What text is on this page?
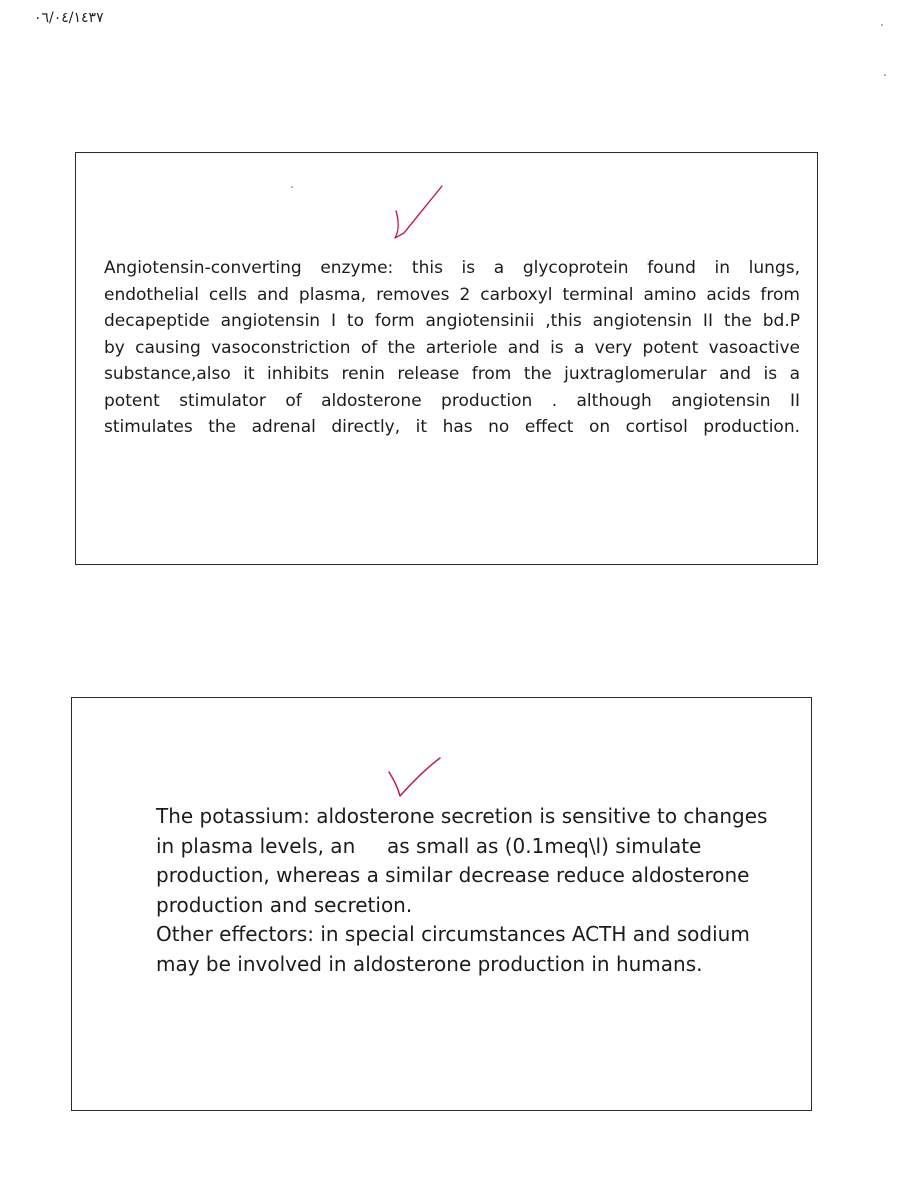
٠٦/٠٤/١٤٣٧
Angiotensin-converting enzyme: this is a glycoprotein found in lungs,
endothelial cells and plasma, removes 2 carboxyl terminal amino acids from
decapeptide angiotensin I to form angiotensinii ,this angiotensin II the bd.P
by causing vasoconstriction of the arteriole and is a very potent vasoactive
substance,also it inhibits renin release from the juxtraglomerular and is a
potent stimulator of aldosterone production . although angiotensin II
stimulates the adrenal directly, it has no effect on cortisol production.
The potassium: aldosterone secretion is sensitive to changes
in plasma levels, an     as small as (0.1meq\l) simulate
production, whereas a similar decrease reduce aldosterone
production and secretion.
Other effectors: in special circumstances ACTH and sodium
may be involved in aldosterone production in humans.
